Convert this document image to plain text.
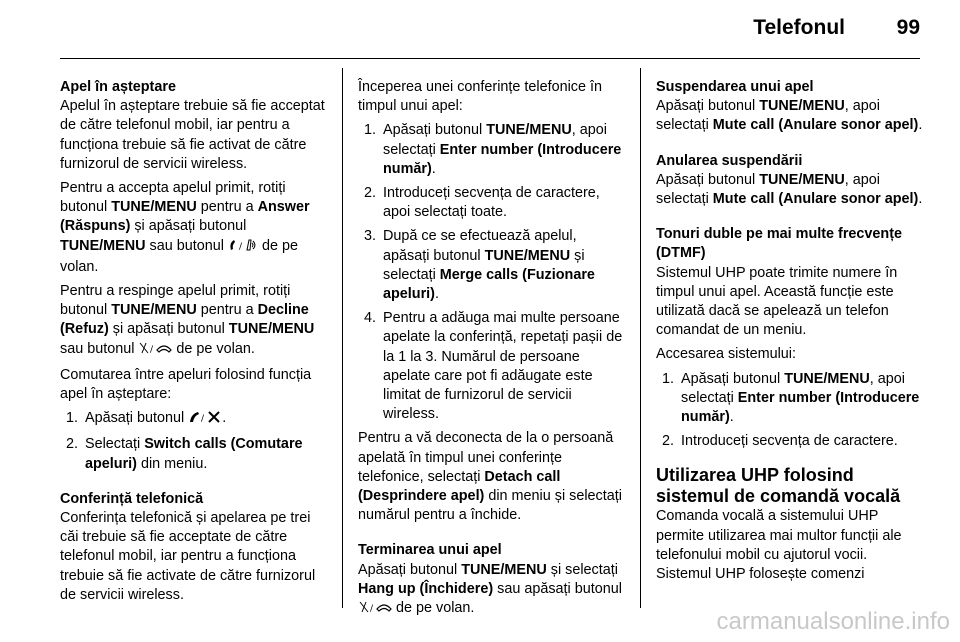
Telefonul 99
Apel în așteptare

Apelul în așteptare trebuie să fie acceptat de către telefonul mobil, iar pentru a funcționa trebuie să fie activat de către furnizorul de servicii wireless.

Pentru a accepta apelul primit, rotiți butonul TUNE/MENU pentru a Answer (Răspuns) și apăsați butonul TUNE/MENU sau butonul / de pe volan.

Pentru a respinge apelul primit, rotiți butonul TUNE/MENU pentru a Decline (Refuz) și apăsați butonul TUNE/MENU sau butonul / de pe volan.

Comutarea între apeluri folosind funcția apel în așteptare:

1. Apăsați butonul / .
2. Selectați Switch calls (Comutare apeluri) din meniu.
Conferință telefonică

Conferința telefonică și apelarea pe trei căi trebuie să fie acceptate de către telefonul mobil, iar pentru a funcționa trebuie să fie activate de către furnizorul de servicii wireless.

Începerea unei conferințe telefonice în timpul unui apel:

1. Apăsați butonul TUNE/MENU, apoi selectați Enter number (Introducere număr).
2. Introduceți secvența de caractere, apoi selectați toate.
3. După ce se efectuează apelul, apăsați butonul TUNE/MENU și selectați Merge calls (Fuzionare apeluri).
4. Pentru a adăuga mai multe persoane apelate la conferință, repetați pașii de la 1 la 3. Numărul de persoane apelate care pot fi adăugate este limitat de furnizorul de servicii wireless.

Pentru a vă deconecta de la o persoană apelată în timpul unei conferințe telefonice, selectați Detach call (Desprindere apel) din meniu și selectați numărul pentru a închide.

Terminarea unui apel

Apăsați butonul TUNE/MENU și selectați Hang up (Închidere) sau apăsați butonul
/ de pe volan.

Suspendarea unui apel

Apăsați butonul TUNE/MENU, apoi selectați Mute call (Anulare sonor apel).

Anularea suspendării

Apăsați butonul TUNE/MENU, apoi selectați Mute call (Anulare sonor apel).

Tonuri duble pe mai multe frecvențe (DTMF)

Sistemul UHP poate trimite numere în timpul unui apel. Această funcție este utilizată dacă se apelează un telefon comandat de un meniu.

Accesarea sistemului:

1. Apăsați butonul TUNE/MENU, apoi selectați Enter number (Introducere număr).
2. Introduceți secvența de caractere.
Utilizarea UHP folosind sistemul de comandă vocală

Comanda vocală a sistemului UHP permite utilizarea mai multor funcții ale telefonului mobil cu ajutorul vocii. Sistemul UHP folosește comenzi

carmanualsonline.info
